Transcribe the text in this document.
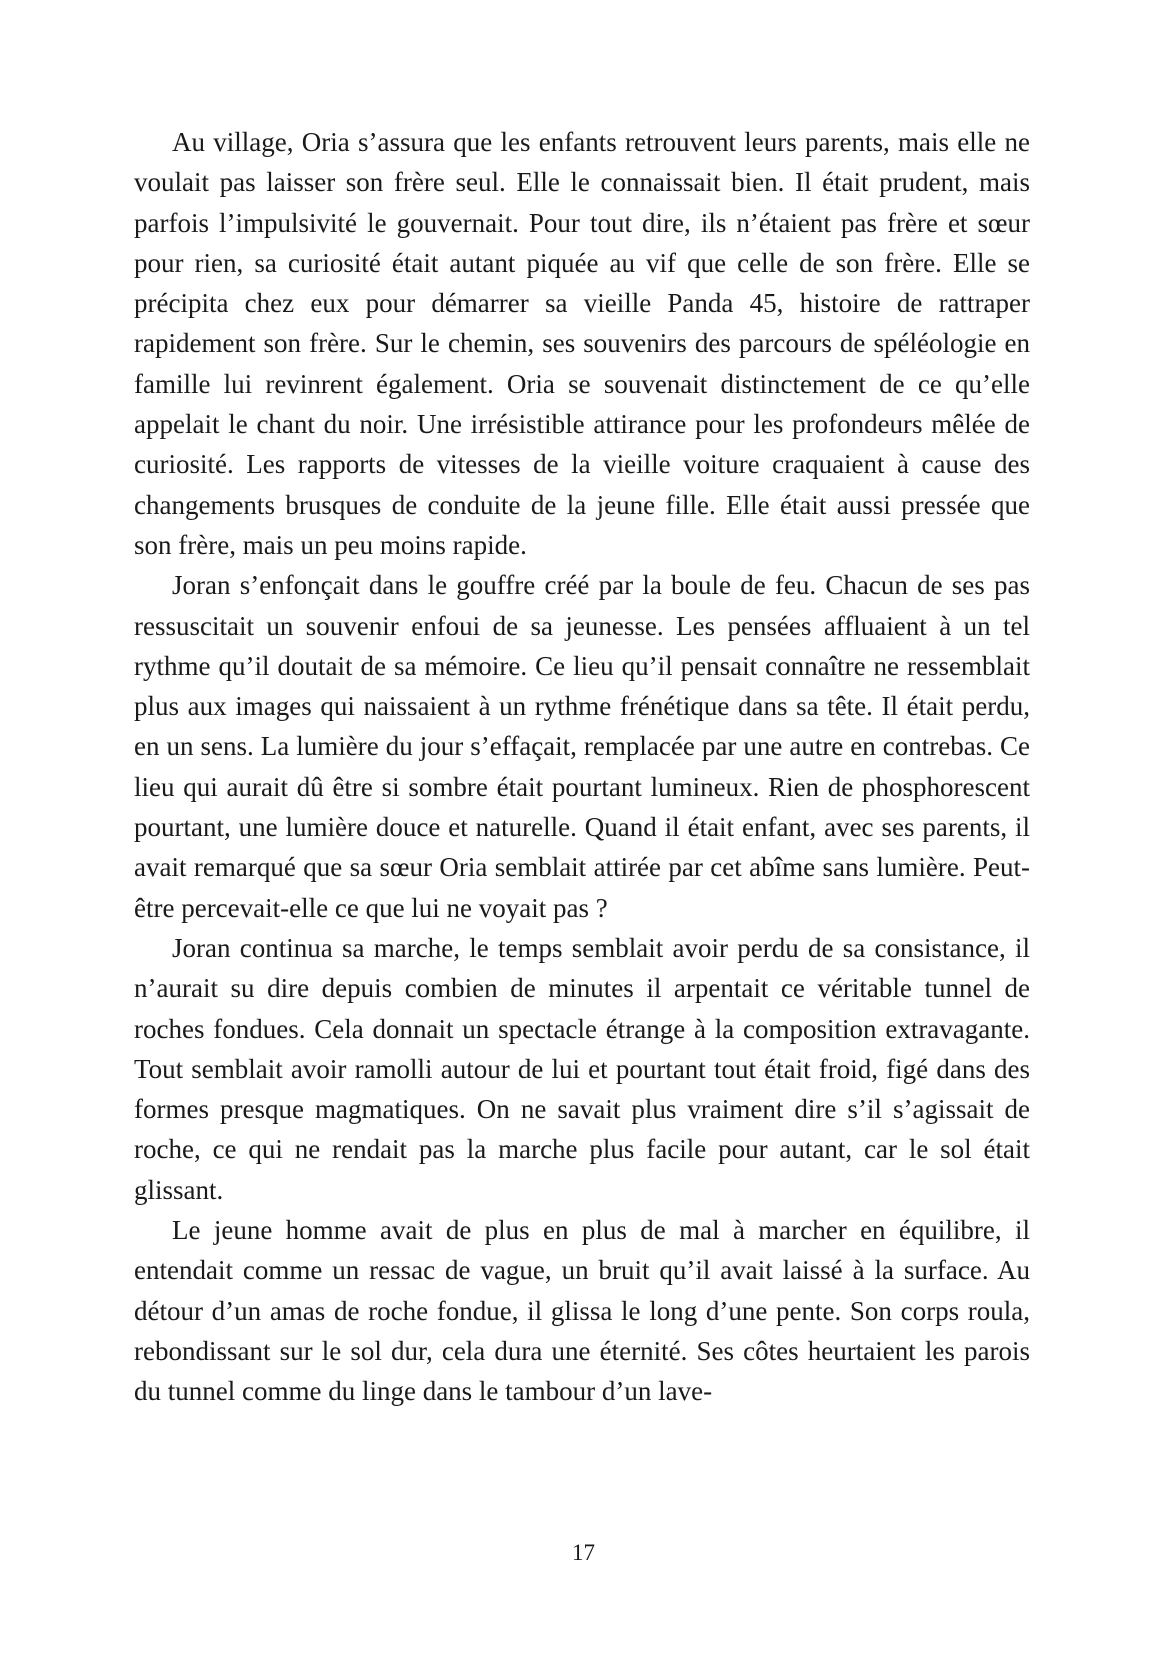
Au village, Oria s’assura que les enfants retrouvent leurs parents, mais elle ne voulait pas laisser son frère seul. Elle le connaissait bien. Il était prudent, mais parfois l’impulsivité le gouvernait. Pour tout dire, ils n’étaient pas frère et sœur pour rien, sa curiosité était autant piquée au vif que celle de son frère. Elle se précipita chez eux pour démarrer sa vieille Panda 45, histoire de rattraper rapidement son frère. Sur le chemin, ses souvenirs des parcours de spéléologie en famille lui revinrent également. Oria se souvenait distinctement de ce qu’elle appelait le chant du noir. Une irrésistible attirance pour les profondeurs mêlée de curiosité. Les rapports de vitesses de la vieille voiture craquaient à cause des changements brusques de conduite de la jeune fille. Elle était aussi pressée que son frère, mais un peu moins rapide.

Joran s’enfonçait dans le gouffre créé par la boule de feu. Chacun de ses pas ressuscitait un souvenir enfoui de sa jeunesse. Les pensées affluaient à un tel rythme qu’il doutait de sa mémoire. Ce lieu qu’il pensait connaître ne ressemblait plus aux images qui naissaient à un rythme frénétique dans sa tête. Il était perdu, en un sens. La lumière du jour s’effaçait, remplacée par une autre en contrebas. Ce lieu qui aurait dû être si sombre était pourtant lumineux. Rien de phosphorescent pourtant, une lumière douce et naturelle. Quand il était enfant, avec ses parents, il avait remarqué que sa sœur Oria semblait attirée par cet abîme sans lumière. Peut-être percevait-elle ce que lui ne voyait pas ?

Joran continua sa marche, le temps semblait avoir perdu de sa consistance, il n’aurait su dire depuis combien de minutes il arpentait ce véritable tunnel de roches fondues. Cela donnait un spectacle étrange à la composition extravagante. Tout semblait avoir ramolli autour de lui et pourtant tout était froid, figé dans des formes presque magmatiques. On ne savait plus vraiment dire s’il s’agissait de roche, ce qui ne rendait pas la marche plus facile pour autant, car le sol était glissant.

Le jeune homme avait de plus en plus de mal à marcher en équilibre, il entendait comme un ressac de vague, un bruit qu’il avait laissé à la surface. Au détour d’un amas de roche fondue, il glissa le long d’une pente. Son corps roula, rebondissant sur le sol dur, cela dura une éternité. Ses côtes heurtaient les parois du tunnel comme du linge dans le tambour d’un lave-

17
